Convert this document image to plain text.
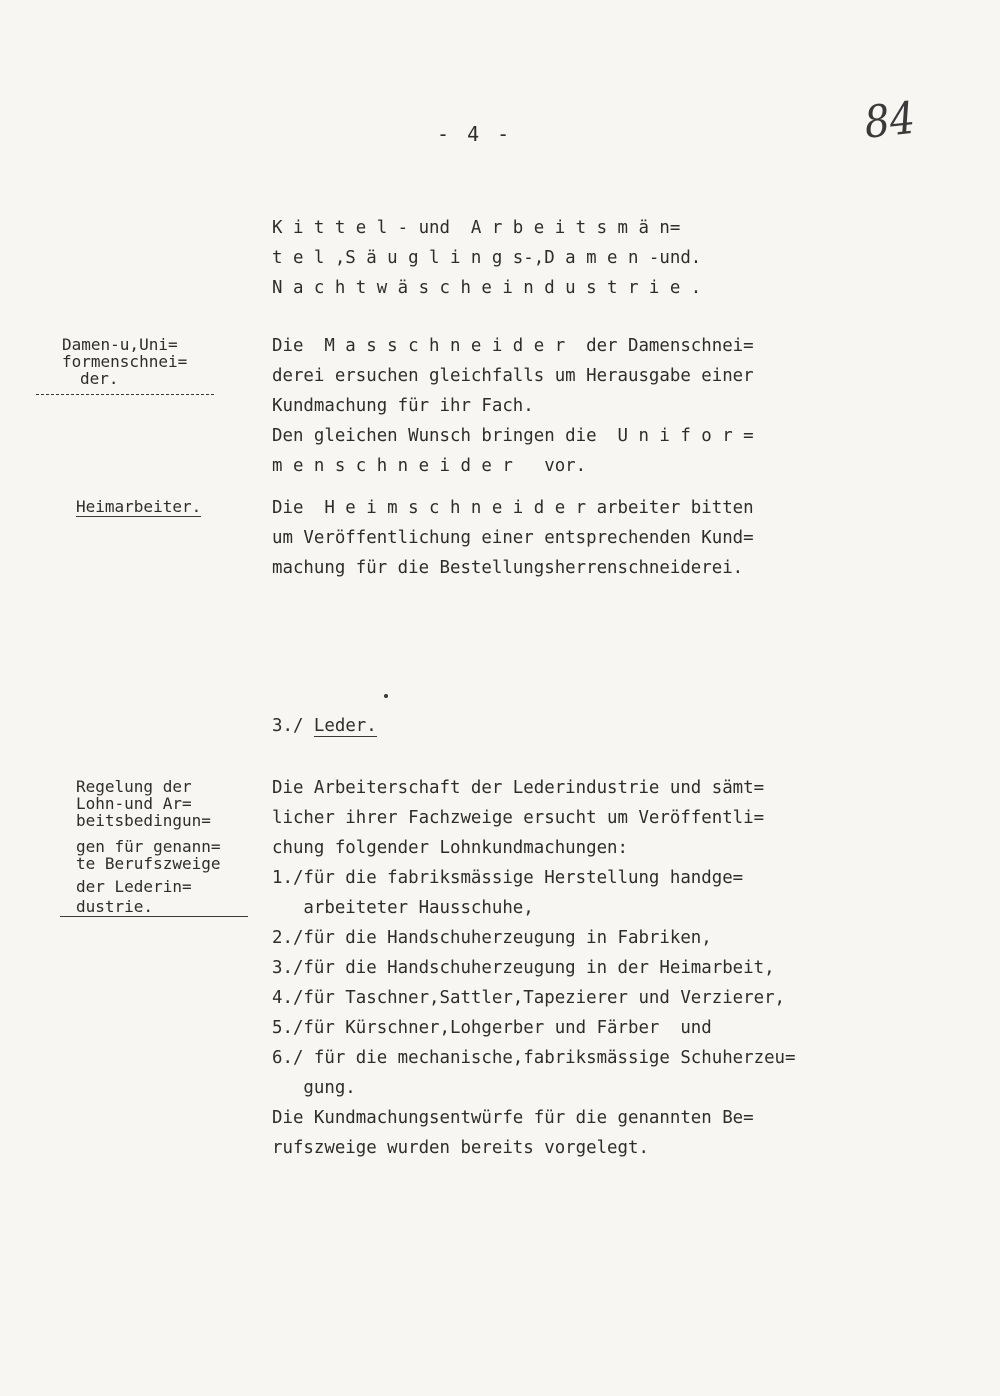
- 4 -	84
K i t t e l - und  A r b e i t s m ä n=
t e l ,S ä u g l i n g s-,D a m e n -und.
N a c h t w ä s c h e i n d u s t r i e .
Damen-u,Uni=
formenschnei=
der.
Die  M a s s c h n e i d e r  der Damenschnei=
derei ersuchen gleichfalls um Herausgabe einer
Kundmachung für ihr Fach.
Den gleichen Wunsch bringen die  U n i f o r =
m e n s c h n e i d e r   vor.
Heimarbeiter.	Die  H e i m s c h n e i d e r arbeiter bitten
um Veröffentlichung einer entsprechenden Kund=
machung für die Bestellungsherrenschneiderei.
3./ Leder.
Regelung der
Lohn-und Ar=
beitsbedingun=
gen für genann=
te Berufszweige
der Lederin=
dustrie.
Die Arbeiterschaft der Lederindustrie und sämt=
licher ihrer Fachzweige ersucht um Veröffentli=
chung folgender Lohnkundmachungen:
1./für die fabriksmässige Herstellung handge=
arbeiteter Hausschuhe,
2./für die Handschuherzeugung in Fabriken,
3./für die Handschuherzeugung in der Heimarbeit,
4./für Taschner,Sattler,Tapezierer und Verzierer,
5./für Kürschner,Lohgerber und Färber  und
6./ für die mechanische,fabriksmässige Schuherzeu=
gung.
Die Kundmachungsentwürfe für die genannten Be=
rufszweige wurden bereits vorgelegt.
